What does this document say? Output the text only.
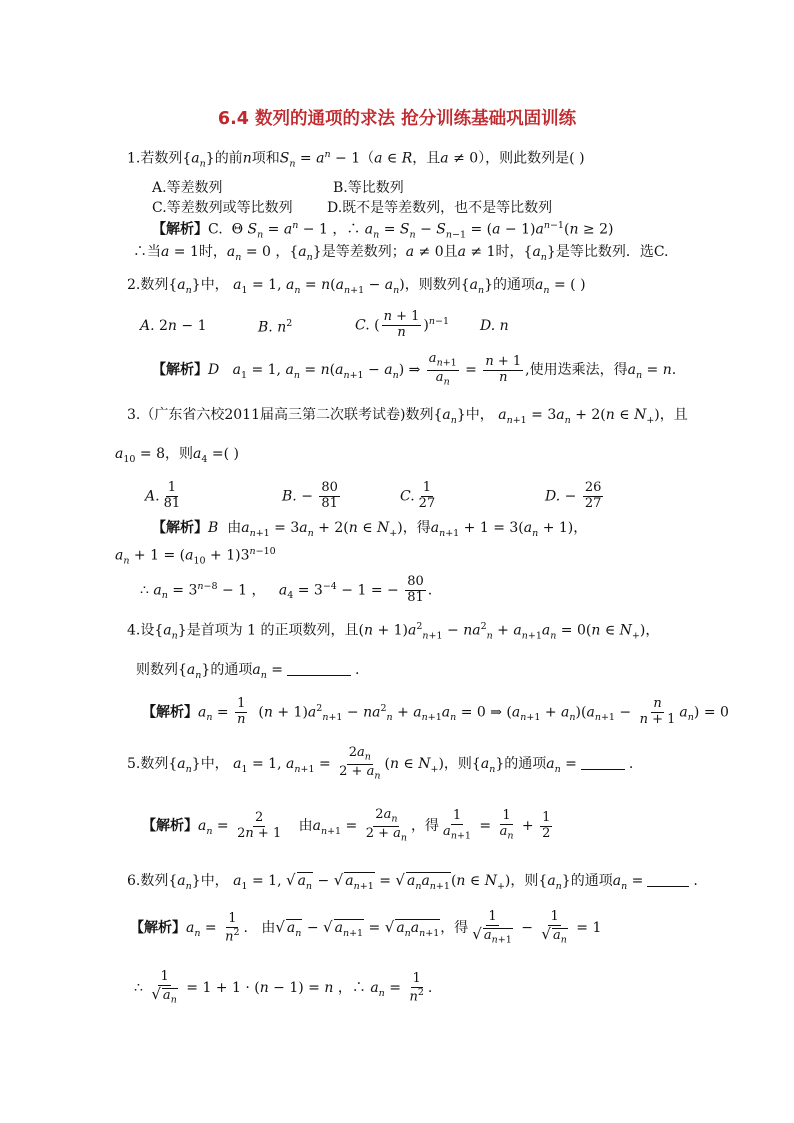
6.4 数列的通项的求法 抢分训练基础巩固训练
1.若数列$\{a_n\}$的前n项和$S_n = a^n - 1(a$ ∈ R，且a ≠ 0），则此数列是( )
A.等差数列	B.等比数列
C.等差数列或等比数列 D.既不是等差数列，也不是等比数列
【解析】C.  Θ $S_n = a^n - 1$ ，∴ $a_n = S_n - S_{n-1} = (a - 1)a^{n-1}(n \ge 2)$
∴当a = 1时，$a_n = 0$ ，$\{a_n\}$是等差数列；a ≠ 0且a ≠ 1时，$\{a_n\}$是等比数列．选C.
2.数列$\{a_n\}$中， $a_1 = 1$, $a_n = n(a_{n+1} - a_n)$，则数列$\{a_n\}$的通项$a_n$ = ( )
A. 2n − 1	B. $n^2$	C. ( $\frac{n + 1}{n} )^{n-1}$ D. n
【解析】D $a_1 = 1$, $a_n = n(a_{n+1} - a_n)$ ⇒ $\frac{a_{n+1}}{a_n} = \frac{n + 1}{n}$ ,使用迭乘法，得$a_n = n$.
3.（广东省六校2011届高三第二次联考试卷)数列$\{a_n\}$中， $a_{n+1} = 3a_n + 2(n$ ∈ $N_+$)，且
$a_{10} = 8$，则$a_4$ =( )
A. $\frac{1}{81}$	B. − $\frac{80}{81}$	C. $\frac{1}{27}$	D. − $\frac{26}{27}$
【解析】B 由$a_{n+1} = 3a_n + 2(n$ ∈ $N_+$)，得$a_{n+1} + 1 = 3(a_n + 1)$，
$a_n + 1 = (a_{10} + 1)3^{n-10}$
∴ $a_n = 3^{n-8} - 1$ ，   $a_4 = 3^{-4} - 1$ = − $\frac{80}{81}$ .
4.设$\{a_n\}$是首项为 1 的正项数列，且$(n + 1)a^2_{n+1} - na^2_n + a_{n+1}a_n = 0(n$ ∈ $N_+$)，
则数列$\{a_n\}$的通项$a_n$ =	.
【解析】$a_n = \frac{1}{n} (n + 1)a^2_{n+1} - na^2_n + a_{n+1}a_n = 0$ ⇒ $(a_{n+1} + a_n)(a_{n+1} - \frac{n}{n + 1} a_n) = 0$
5.数列$\{a_n\}$中， $a_1 = 1$, $a_{n+1} = \frac{2a_n}{2 + a_n} (n$ ∈ $N_+$)，则$\{a_n\}$的通项$a_n$ =	.
【解析】$a_n = \frac{2}{2n + 1}$ 由$a_{n+1} = \frac{2a_n}{2 + a_n}$ ，得 $\frac{1}{a_{n+1}} = \frac{1}{a_n} + \frac{1}{2}$
6.数列$\{a_n\}$中， $a_1 = 1$, √ $a_n$ − √ $a_{n+1}$ = √ $a_na_{n+1}(n$ ∈ $N_+$)，则$\{a_n\}$的通项$a_n$ =	.
【解析】$a_n = \frac{1}{n^2}$ .   由√ $a_n$ − √ $a_{n+1}$ = √ $a_na_{n+1}$，得 $\frac{1}{√ a_{n+1}} - \frac{1}{√ a_n} = 1$
∴ $\frac{1}{√ a_n} = 1 + 1 \cdot (n - 1) = n$ ，∴ $a_n = \frac{1}{n^2}$ .
